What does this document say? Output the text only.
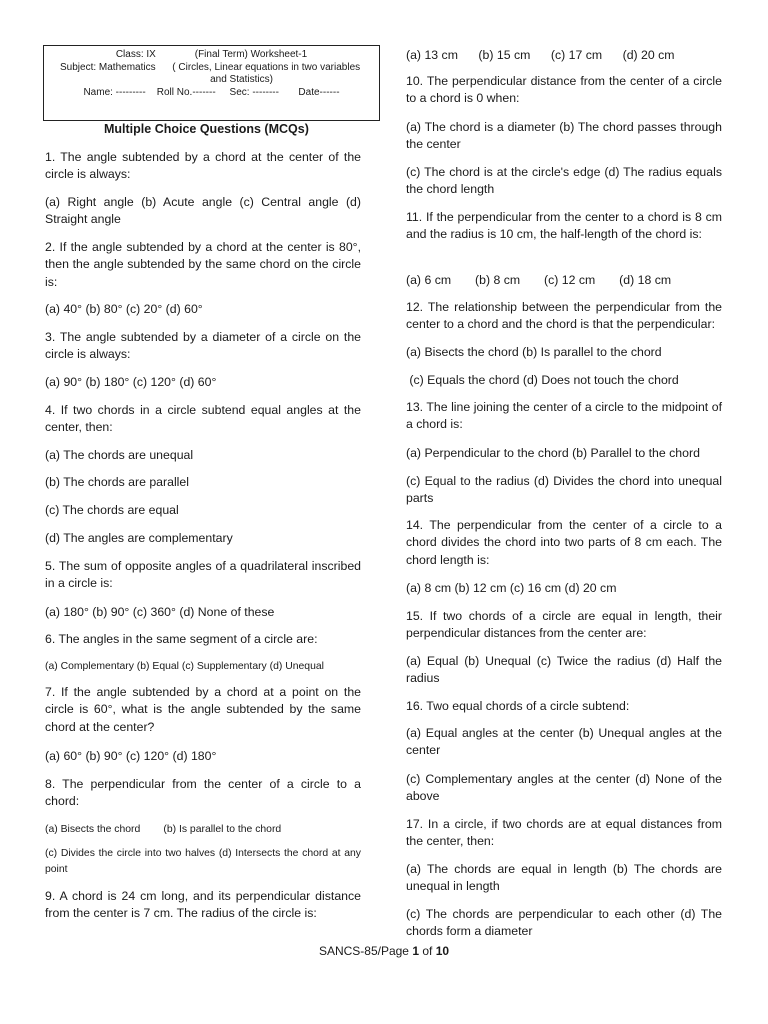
Class: IX              (Final Term) Worksheet-1
Subject: Mathematics      ( Circles, Linear equations in two variables
and Statistics)
Name: ---------    Roll No.-------     Sec: --------       Date------
Multiple Choice Questions (MCQs)
1. The angle subtended by a chord at the center of the circle is always:
(a) Right angle (b) Acute angle (c) Central angle (d) Straight angle
2. If the angle subtended by a chord at the center is 80°, then the angle subtended by the same chord on the circle is:
(a) 40° (b) 80° (c) 20° (d) 60°
3. The angle subtended by a diameter of a circle on the circle is always:
(a) 90° (b) 180° (c) 120° (d) 60°
4. If two chords in a circle subtend equal angles at the center, then:
(a) The chords are unequal
(b) The chords are parallel
(c) The chords are equal
(d) The angles are complementary
5. The sum of opposite angles of a quadrilateral inscribed in a circle is:
(a) 180° (b) 90° (c) 360° (d) None of these
6. The angles in the same segment of a circle are:
(a) Complementary (b) Equal (c) Supplementary (d) Unequal
7. If the angle subtended by a chord at a point on the circle is 60°, what is the angle subtended by the same chord at the center?
(a) 60° (b) 90° (c) 120° (d) 180°
8. The perpendicular from the center of a circle to a chord:
(a) Bisects the chord        (b) Is parallel to the chord
(c) Divides the circle into two halves (d) Intersects the chord at any point
9. A chord is 24 cm long, and its perpendicular distance from the center is 7 cm. The radius of the circle is:
(a) 13 cm      (b) 15 cm      (c) 17 cm      (d) 20 cm
10. The perpendicular distance from the center of a circle to a chord is 0 when:
(a) The chord is a diameter (b) The chord passes through the center
(c) The chord is at the circle's edge (d) The radius equals the chord length
11. If the perpendicular from the center to a chord is 8 cm and the radius is 10 cm, the half-length of the chord is:
(a) 6 cm       (b) 8 cm       (c) 12 cm       (d) 18 cm
12. The relationship between the perpendicular from the center to a chord and the chord is that the perpendicular:
(a) Bisects the chord (b) Is parallel to the chord
(c) Equals the chord (d) Does not touch the chord
13. The line joining the center of a circle to the midpoint of a chord is:
(a) Perpendicular to the chord (b) Parallel to the chord
(c) Equal to the radius (d) Divides the chord into unequal parts
14. The perpendicular from the center of a circle to a chord divides the chord into two parts of 8 cm each. The chord length is:
(a) 8 cm (b) 12 cm (c) 16 cm (d) 20 cm
15. If two chords of a circle are equal in length, their perpendicular distances from the center are:
(a) Equal (b) Unequal (c) Twice the radius (d) Half the radius
16. Two equal chords of a circle subtend:
(a) Equal angles at the center (b) Unequal angles at the center
(c) Complementary angles at the center (d) None of the above
17. In a circle, if two chords are at equal distances from the center, then:
(a) The chords are equal in length (b) The chords are unequal in length
(c) The chords are perpendicular to each other (d) The chords form a diameter
SANCS-85/Page 1 of 10
